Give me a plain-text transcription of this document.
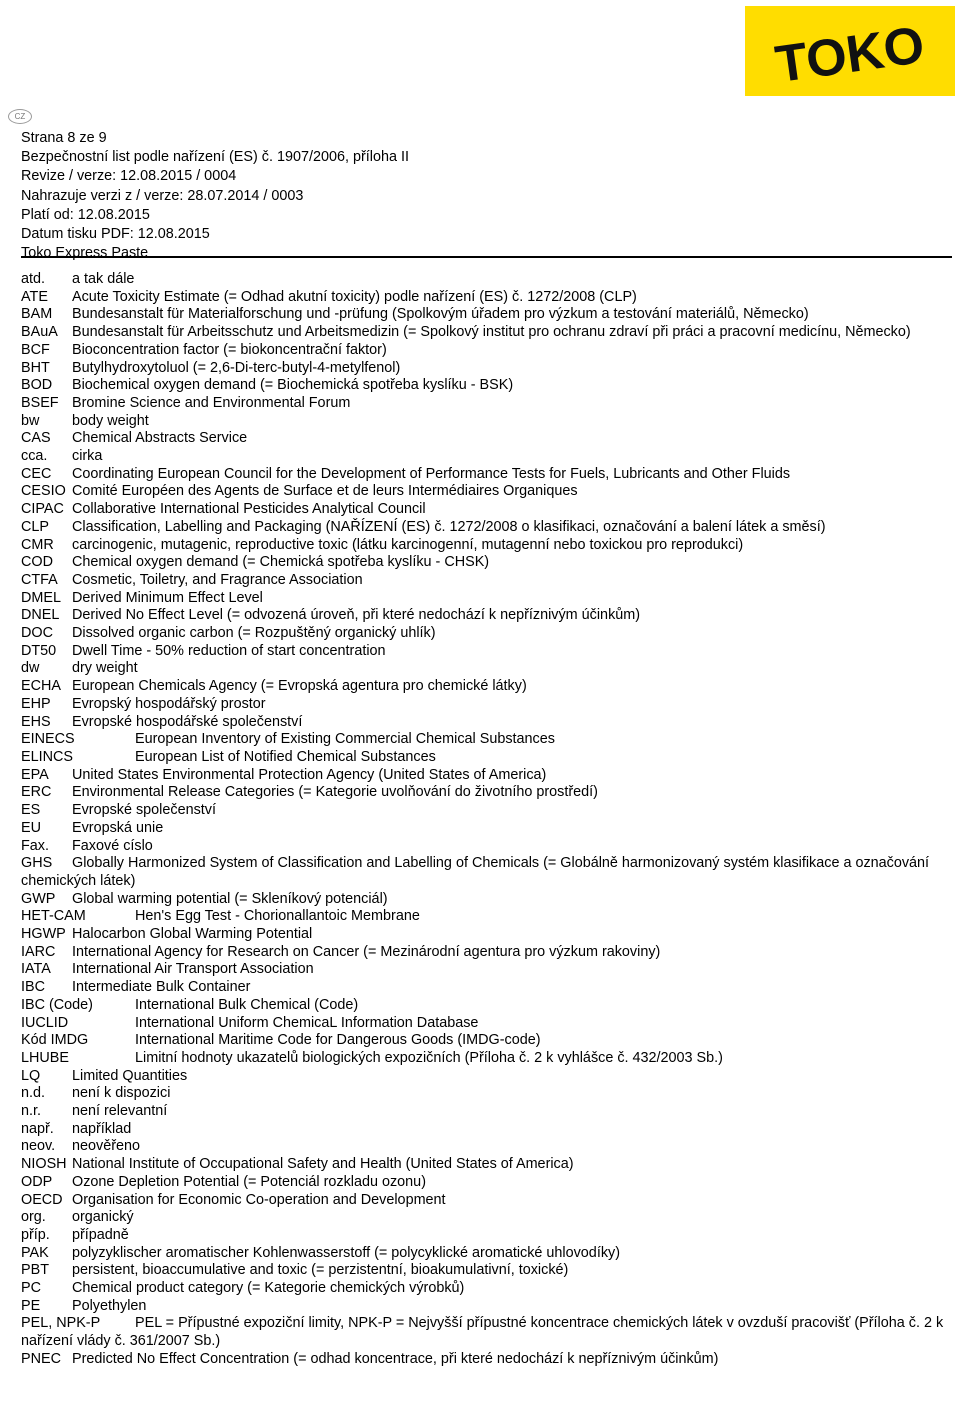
TOKO
CZ
Strana 8 ze 9
Bezpečnostní list podle nařízení (ES) č. 1907/2006, příloha II
Revize / verze: 12.08.2015 / 0004
Nahrazuje verzi z / verze: 28.07.2014 / 0003
Platí od: 12.08.2015
Datum tisku PDF: 12.08.2015
Toko Express Paste
atd.	a tak dále
ATE	Acute Toxicity Estimate (= Odhad akutní toxicity) podle nařízení (ES) č. 1272/2008 (CLP)
BAM	Bundesanstalt für Materialforschung und -prüfung (Spolkovým úřadem pro výzkum a testování materiálů, Německo)
BAuA Bundesanstalt für Arbeitsschutz und Arbeitsmedizin (= Spolkový institut pro ochranu zdraví při práci a pracovní medicínu, Německo)
BCF	Bioconcentration factor (= biokoncentrační faktor)
BHT	Butylhydroxytoluol (= 2,6-Di-terc-butyl-4-metylfenol)
BOD	Biochemical oxygen demand (= Biochemická spotřeba kyslíku - BSK)
BSEF Bromine Science and Environmental Forum
bw	body weight
CAS	Chemical Abstracts Service
cca.	cirka
CEC	Coordinating European Council for the Development of Performance Tests for Fuels, Lubricants and Other Fluids
CESIO Comité Européen des Agents de Surface et de leurs Intermédiaires Organiques
CIPAC Collaborative International Pesticides Analytical Council
CLP	Classification, Labelling and Packaging (NAŘÍZENÍ (ES) č. 1272/2008 o klasifikaci, označování a balení látek a směsí)
CMR	carcinogenic, mutagenic, reproductive toxic (látku karcinogenní, mutagenní nebo toxickou pro reprodukci)
COD	Chemical oxygen demand (= Chemická spotřeba kyslíku - CHSK)
CTFA Cosmetic, Toiletry, and Fragrance Association
DMEL Derived Minimum Effect Level
DNEL Derived No Effect Level (= odvozená úroveň, při které nedochází k nepříznivým účinkům)
DOC	Dissolved organic carbon (= Rozpuštěný organický uhlík)
DT50	Dwell Time - 50% reduction of start concentration
dw	dry weight
ECHA European Chemicals Agency (= Evropská agentura pro chemické látky)
EHP	Evropský hospodářský prostor
EHS	Evropské hospodářské společenství
EINECS	European Inventory of Existing Commercial Chemical Substances
ELINCS	European List of Notified Chemical Substances
EPA	United States Environmental Protection Agency (United States of America)
ERC	Environmental Release Categories (= Kategorie uvolňování do životního prostředí)
ES	Evropské společenství
EU	Evropská unie
Fax.	Faxové císlo
GHS	Globally Harmonized System of Classification and Labelling of Chemicals (= Globálně harmonizovaný systém klasifikace a označování chemických látek)
GWP	Global warming potential (= Skleníkový potenciál)
HET-CAM	Hen's Egg Test - Chorionallantoic Membrane
HGWP Halocarbon Global Warming Potential
IARC	International Agency for Research on Cancer (= Mezinárodní agentura pro výzkum rakoviny)
IATA	International Air Transport Association
IBC	Intermediate Bulk Container
IBC (Code)	International Bulk Chemical (Code)
IUCLID	International Uniform ChemicaL Information Database
Kód IMDG	International Maritime Code for Dangerous Goods (IMDG-code)
LHUBE	Limitní hodnoty ukazatelů biologických expozičních (Příloha č. 2 k vyhlášce č. 432/2003 Sb.)
LQ	Limited Quantities
n.d.	není k dispozici
n.r.	není relevantní
např.	například
neov.	neověřeno
NIOSH National Institute of Occupational Safety and Health (United States of America)
ODP	Ozone Depletion Potential (= Potenciál rozkladu ozonu)
OECD Organisation for Economic Co-operation and Development
org.	organický
příp.	případně
PAK	polyzyklischer aromatischer Kohlenwasserstoff (= polycyklické aromatické uhlovodíky)
PBT	persistent, bioaccumulative and toxic (= perzistentní, bioakumulativní, toxické)
PC	Chemical product category (= Kategorie chemických výrobků)
PE	Polyethylen
PEL, NPK-P	PEL = Přípustné expoziční limity, NPK-P = Nejvyšší přípustné koncentrace chemických látek v ovzduší pracovišť (Příloha č. 2 k nařízení vlády č. 361/2007 Sb.)
PNEC Predicted No Effect Concentration (= odhad koncentrace, při které nedochází k nepříznivým účinkům)
